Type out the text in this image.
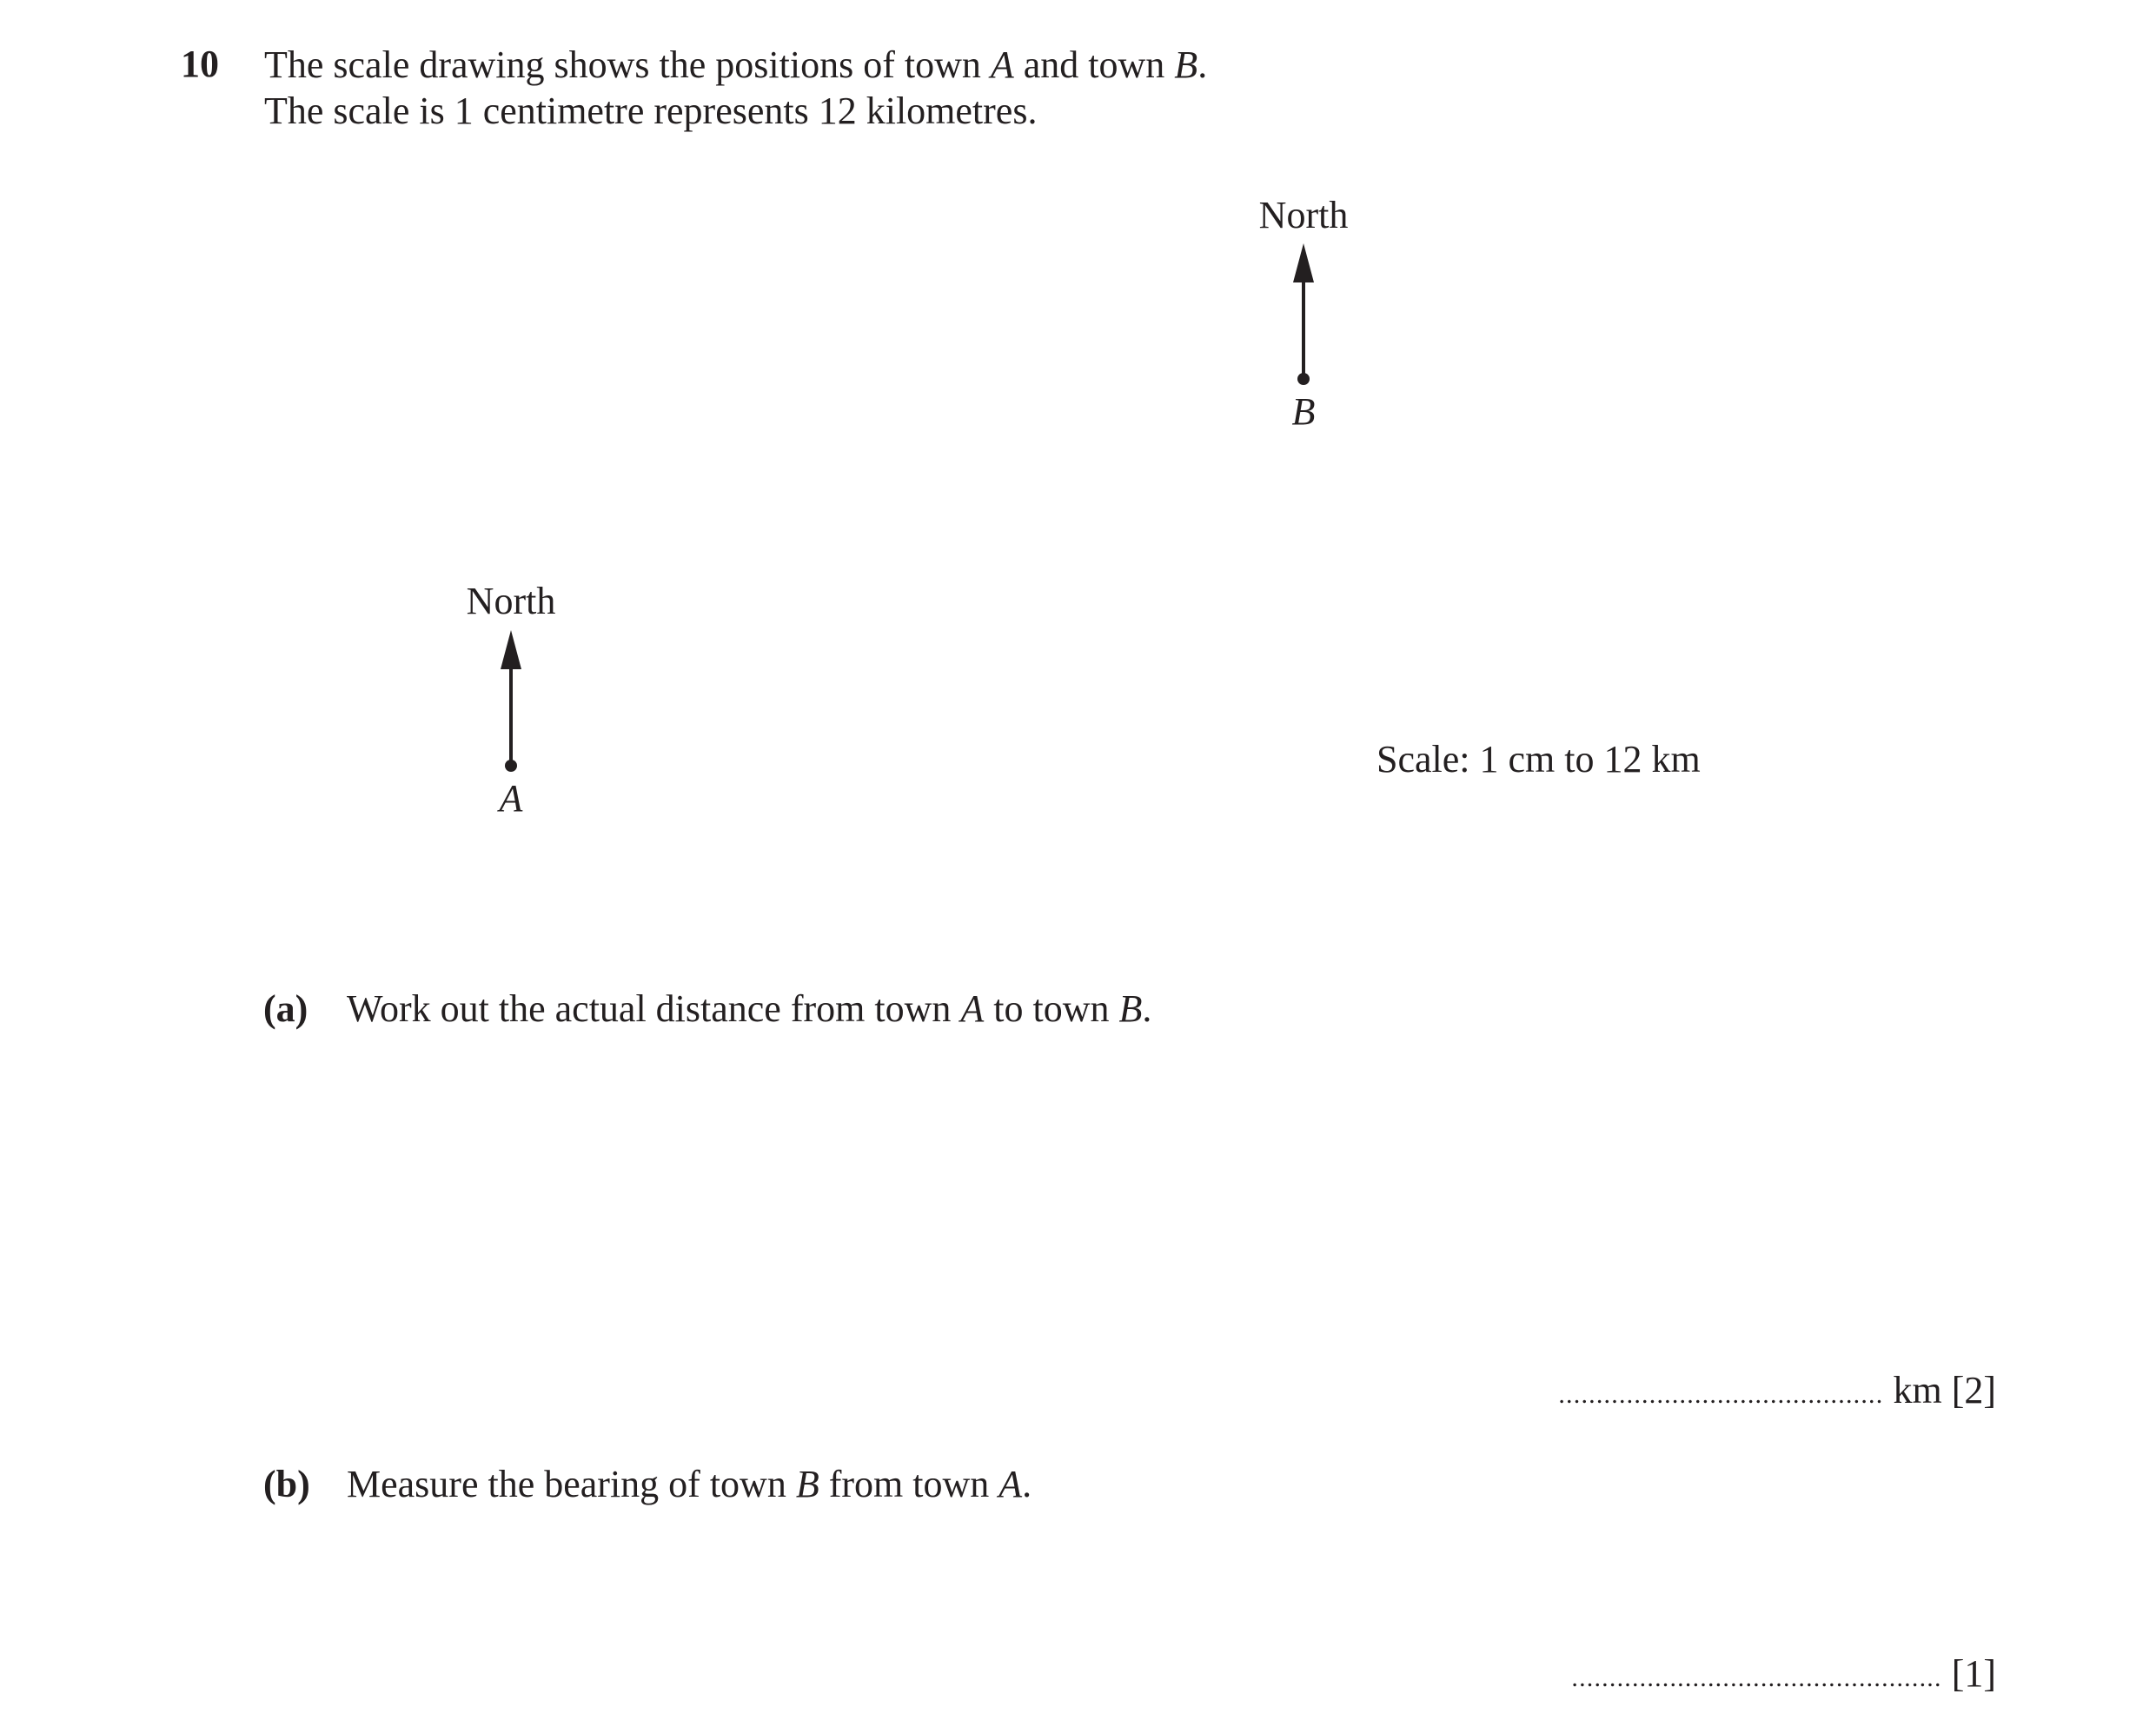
10 The scale drawing shows the positions of town A and town B.

The scale is 1 centimetre represents 12 kilometres.

North
B
North
A
Scale: 1 cm to 12 km
(a) Work out the actual distance from town A to town B.
........................................... km [2]
(b) Measure the bearing of town B from town A.
................................................. [1]
